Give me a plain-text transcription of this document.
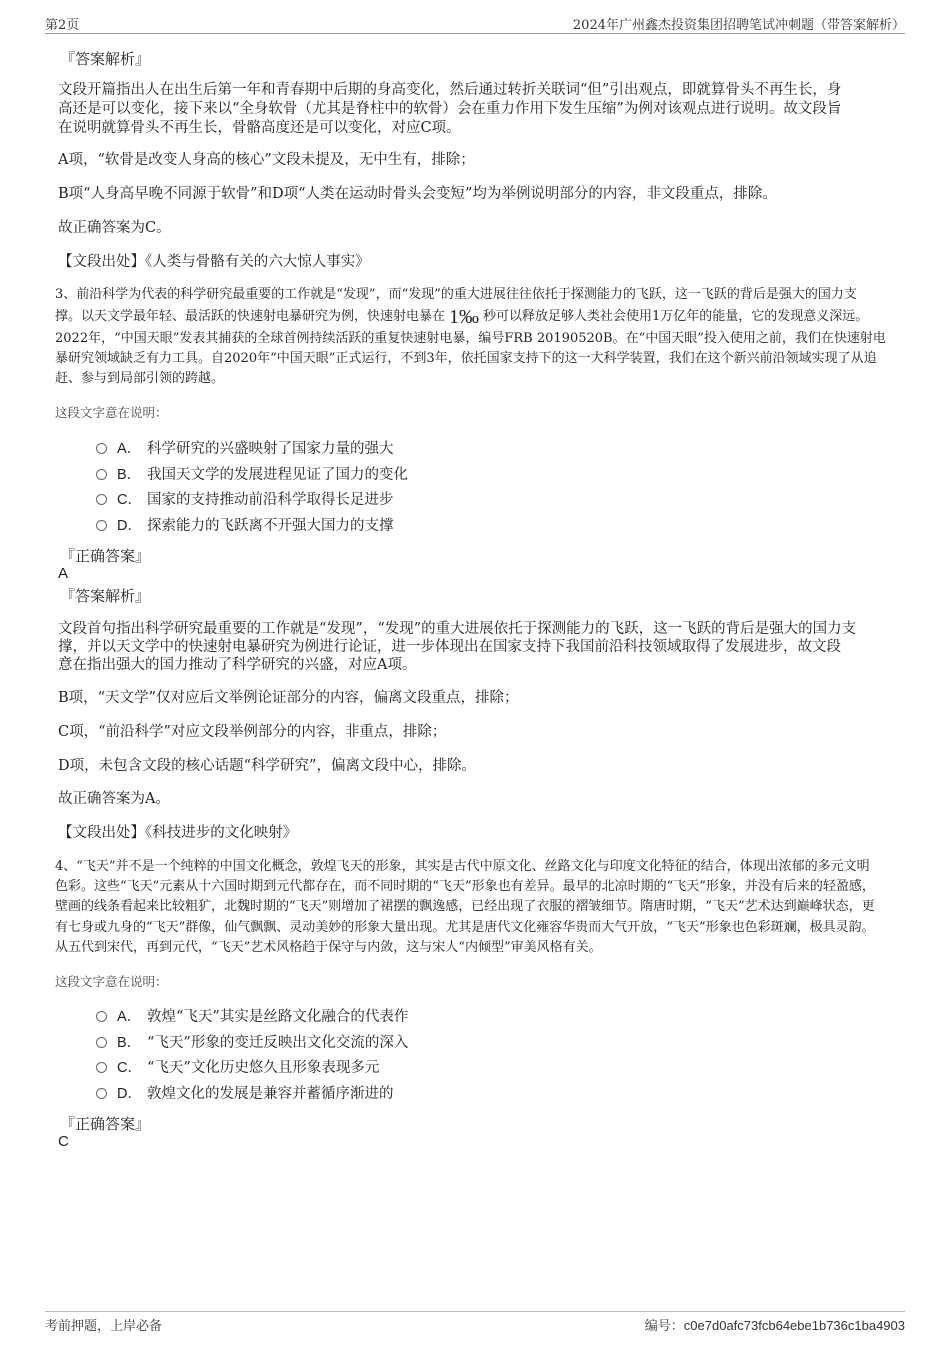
第2页	2024年广州鑫杰投资集团招聘笔试冲刺题（带答案解析）
『答案解析』
文段开篇指出人在出生后第一年和青春期中后期的身高变化，然后通过转折关联词“但”引出观点，即就算骨头不再生长，身
高还是可以变化，接下来以“全身软骨（尤其是脊柱中的软骨）会在重力作用下发生压缩”为例对该观点进行说明。故文段旨
在说明就算骨头不再生长，骨骼高度还是可以变化，对应C项。
A项，“软骨是改变人身高的核心”文段未提及，无中生有，排除；
B项“人身高早晚不同源于软骨”和D项“人类在运动时骨头会变短”均为举例说明部分的内容，非文段重点，排除。
故正确答案为C。
【文段出处】《人类与骨骼有关的六大惊人事实》
3、前沿科学为代表的科学研究最重要的工作就是“发现”，而“发现”的重大进展往往依托于探测能力的飞跃，这一飞跃的背后是强大的国力支
撑。以天文学最年轻、最活跃的快速射电暴研究为例，快速射电暴在 1‰ 秒可以释放足够人类社会使用1万亿年的能量，它的发现意义深远。
2022年，“中国天眼”发表其捕获的全球首例持续活跃的重复快速射电暴，编号FRB 20190520B。在“中国天眼”投入使用之前，我们在快速射电
暴研究领域缺乏有力工具。自2020年“中国天眼”正式运行，不到3年，依托国家支持下的这一大科学装置，我们在这个新兴前沿领域实现了从追
赶、参与到局部引领的跨越。
这段文字意在说明：
A． 科学研究的兴盛映射了国家力量的强大
B． 我国天文学的发展进程见证了国力的变化
C． 国家的支持推动前沿科学取得长足进步
D． 探索能力的飞跃离不开强大国力的支撑
『正确答案』
A
『答案解析』
文段首句指出科学研究最重要的工作就是“发现”，“发现”的重大进展依托于探测能力的飞跃，这一飞跃的背后是强大的国力支
撑，并以天文学中的快速射电暴研究为例进行论证，进一步体现出在国家支持下我国前沿科技领域取得了发展进步，故文段
意在指出强大的国力推动了科学研究的兴盛，对应A项。
B项，“天文学”仅对应后文举例论证部分的内容，偏离文段重点，排除；
C项，“前沿科学”对应文段举例部分的内容，非重点，排除；
D项，未包含文段的核心话题“科学研究”，偏离文段中心，排除。
故正确答案为A。
【文段出处】《科技进步的文化映射》
4、“飞天”并不是一个纯粹的中国文化概念，敦煌飞天的形象，其实是古代中原文化、丝路文化与印度文化特征的结合，体现出浓郁的多元文明
色彩。这些“飞天”元素从十六国时期到元代都存在，而不同时期的“飞天”形象也有差异。最早的北凉时期的“飞天”形象，并没有后来的轻盈感，
壁画的线条看起来比较粗犷，北魏时期的“飞天”则增加了裙摆的飘逸感，已经出现了衣服的褶皱细节。隋唐时期，“飞天”艺术达到巅峰状态，更
有七身或九身的“飞天”群像，仙气飘飘、灵动美妙的形象大量出现。尤其是唐代文化雍容华贵而大气开放，“飞天”形象也色彩斑斓，极具灵韵。
从五代到宋代，再到元代，“飞天”艺术风格趋于保守与内敛，这与宋人“内倾型”审美风格有关。
这段文字意在说明：
A． 敦煌“飞天”其实是丝路文化融合的代表作
B． “飞天”形象的变迁反映出文化交流的深入
C． “飞天”文化历史悠久且形象表现多元
D． 敦煌文化的发展是兼容并蓄循序渐进的
『正确答案』
C
考前押题，上岸必备	编号：c0e7d0afc73fcb64ebe1b736c1ba4903
